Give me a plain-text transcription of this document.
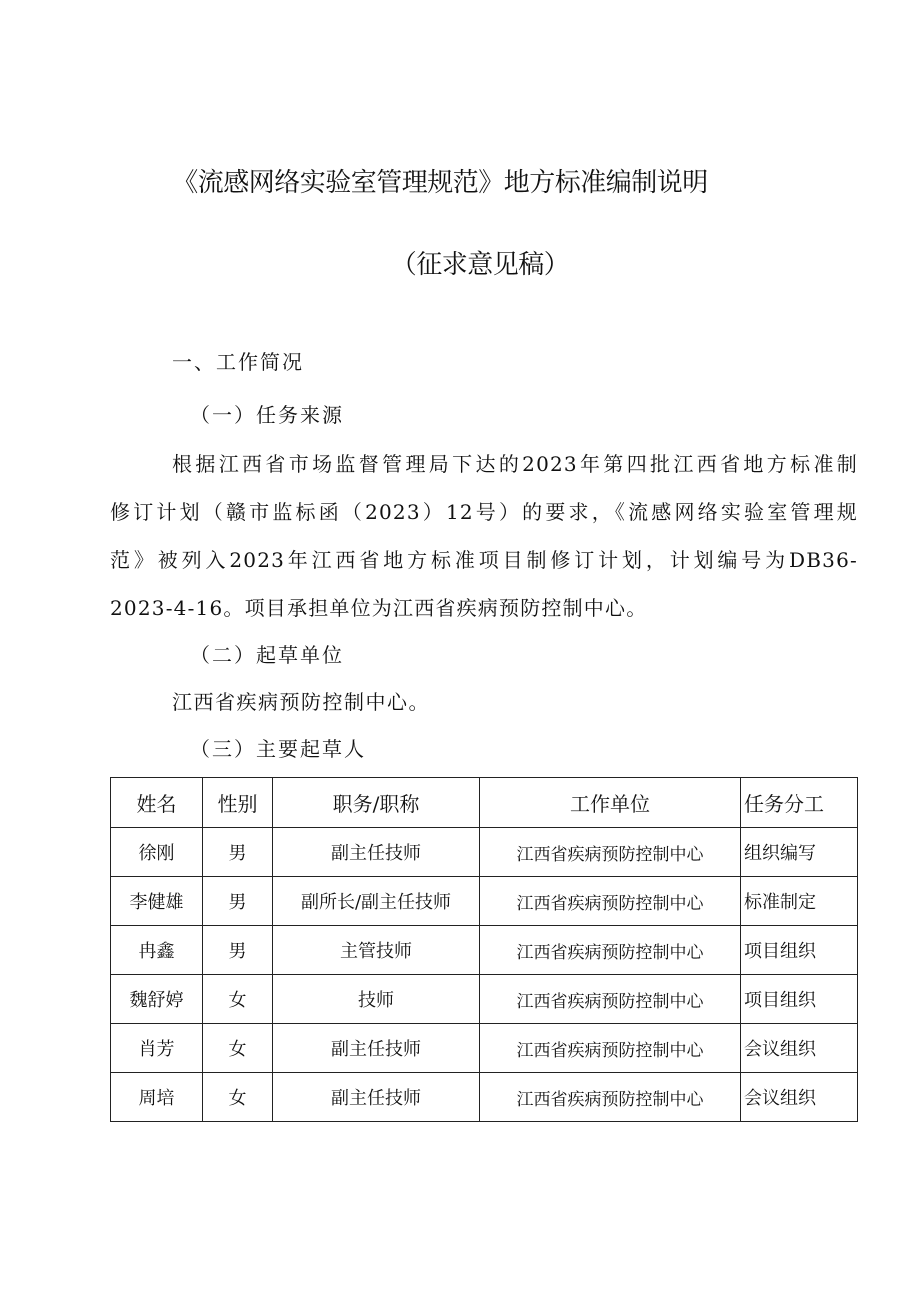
《流感网络实验室管理规范》地方标准编制说明
（征求意见稿）
一、工作简况
（一）任务来源
根据江西省市场监督管理局下达的2023年第四批江西省地方标准制
修订计划（赣市监标函（2023）12号）的要求，《流感网络实验室管理规
范》被列入2023年江西省地方标准项目制修订计划，计划编号为DB36-
2023-4-16。项目承担单位为江西省疾病预防控制中心。
（二）起草单位
江西省疾病预防控制中心。
（三）主要起草人
姓名	性别	职务/职称	工作单位	任务分工
徐刚	男	副主任技师	江西省疾病预防控制中心	组织编写
李健雄	男	副所长/副主任技师	江西省疾病预防控制中心	标准制定
冉鑫	男	主管技师	江西省疾病预防控制中心	项目组织
魏舒婷	女	技师	江西省疾病预防控制中心	项目组织
肖芳	女	副主任技师	江西省疾病预防控制中心	会议组织
周培	女	副主任技师	江西省疾病预防控制中心	会议组织
